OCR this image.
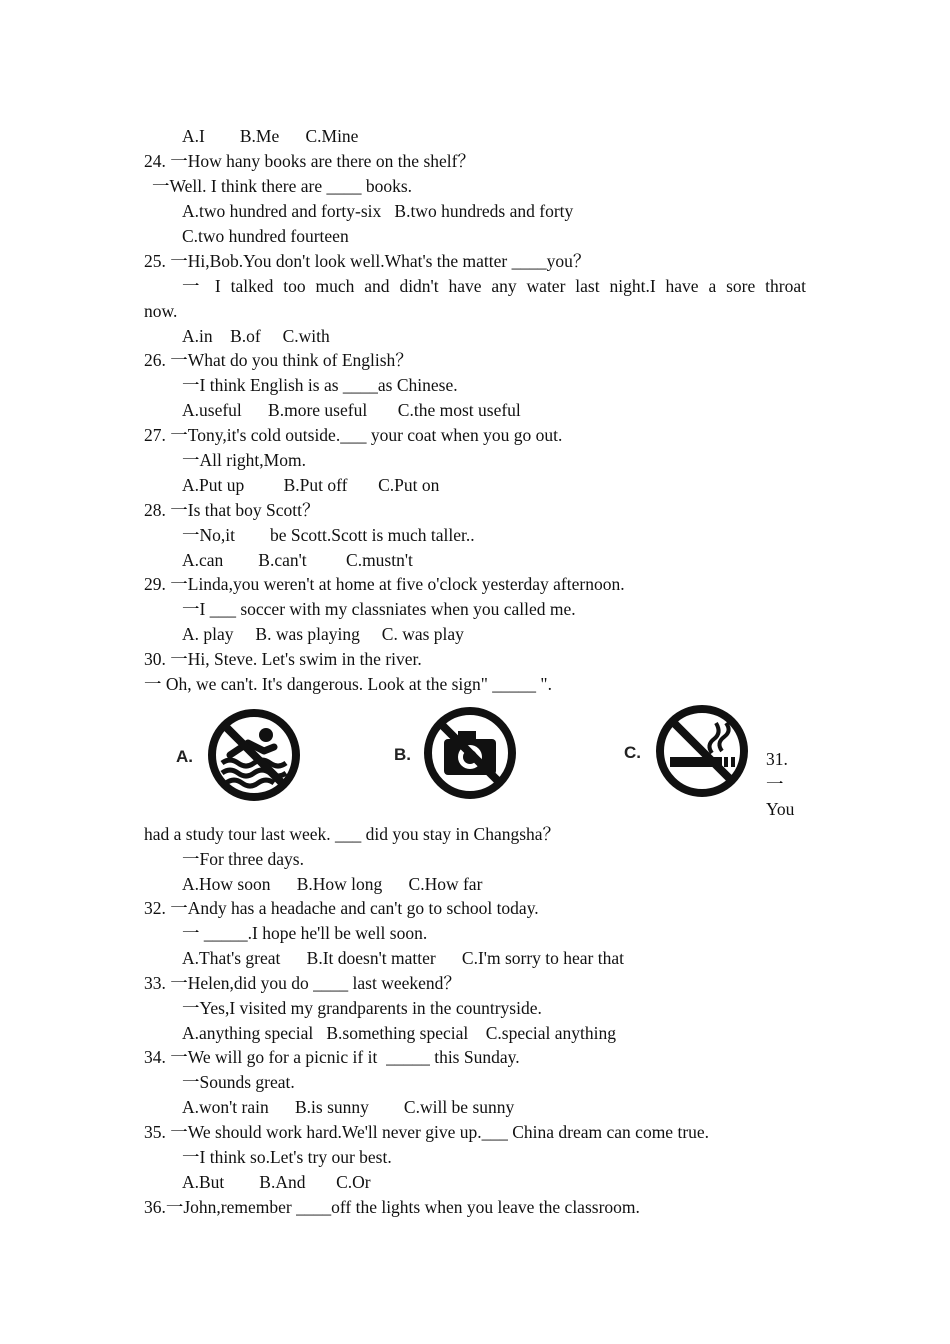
A.I        B.Me      C.Mine
24. 一How hany books are there on the shelf？
一Well. I think there are ____ books.
A.two hundred and forty-six   B.two hundreds and forty
C.two hundred fourteen
25. 一Hi,Bob.You don't look well.What's the matter ____you？
一 I talked too much and didn't have any water last night.I have a sore throat
now.
A.in    B.of     C.with
26. 一What do you think of English？
一I think English is as ____as Chinese.
A.useful      B.more useful       C.the most useful
27. 一Tony,it's cold outside.___ your coat when you go out.
一All right,Mom.
A.Put up         B.Put off       C.Put on
28. 一Is that boy Scott？
一No,it        be Scott.Scott is much taller..
A.can        B.can't         C.mustn't
29. 一Linda,you weren't at home at five o'clock yesterday afternoon.
一I ___ soccer with my classniates when you called me.
A. play     B. was playing     C. was play
30. 一Hi, Steve. Let's swim in the river.
一 Oh, we can't. It's dangerous. Look at the sign" _____ ".
A.	B.	C.	31.
一
You
had a study tour last week. ___ did you stay in Changsha？
一For three days.
A.How soon      B.How long      C.How far
32. 一Andy has a headache and can't go to school today.
一 _____.I hope he'll be well soon.
A.That's great      B.It doesn't matter      C.I'm sorry to hear that
33. 一Helen,did you do ____ last weekend？
一Yes,I visited my grandparents in the countryside.
A.anything special   B.something special    C.special anything
34. 一We will go for a picnic if it  _____ this Sunday.
一Sounds great.
A.won't rain      B.is sunny        C.will be sunny
35. 一We should work hard.We'll never give up.___ China dream can come true.
一I think so.Let's try our best.
A.But        B.And       C.Or
36.一John,remember ____off the lights when you leave the classroom.
